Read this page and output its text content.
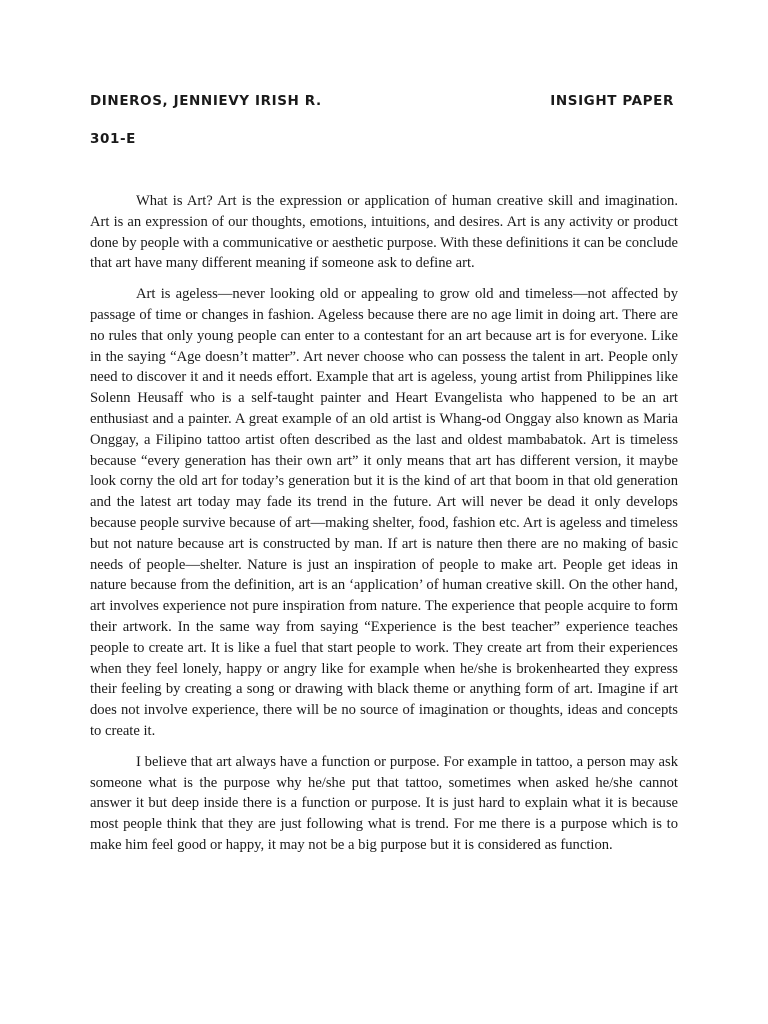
DINEROS, JENNIEVY IRISH R.	INSIGHT PAPER
301-E

What is Art? Art is the expression or application of human creative skill and imagination. Art is an expression of our thoughts, emotions, intuitions, and desires. Art is any activity or product done by people with a communicative or aesthetic purpose. With these definitions it can be conclude that art have many different meaning if someone ask to define art.

Art is ageless—never looking old or appealing to grow old and timeless—not affected by passage of time or changes in fashion. Ageless because there are no age limit in doing art. There are no rules that only young people can enter to a contestant for an art because art is for everyone. Like in the saying “Age doesn’t matter”. Art never choose who can possess the talent in art. People only need to discover it and it needs effort. Example that art is ageless, young artist from Philippines like Solenn Heusaff who is a self-taught painter and Heart Evangelista who happened to be an art enthusiast and a painter. A great example of an old artist is Whang-od Onggay also known as Maria Onggay, a Filipino tattoo artist often described as the last and oldest mambabatok. Art is timeless because “every generation has their own art” it only means that art has different version, it maybe look corny the old art for today’s generation but it is the kind of art that boom in that old generation and the latest art today may fade its trend in the future. Art will never be dead it only develops because people survive because of art—making shelter, food, fashion etc. Art is ageless and timeless but not nature because art is constructed by man. If art is nature then there are no making of basic needs of people—shelter. Nature is just an inspiration of people to make art. People get ideas in nature because from the definition, art is an ‘application’ of human creative skill. On the other hand, art involves experience not pure inspiration from nature. The experience that people acquire to form their artwork. In the same way from saying “Experience is the best teacher” experience teaches people to create art. It is like a fuel that start people to work. They create art from their experiences when they feel lonely, happy or angry like for example when he/she is brokenhearted they express their feeling by creating a song or drawing with black theme or anything form of art. Imagine if art does not involve experience, there will be no source of imagination or thoughts, ideas and concepts to create it.

I believe that art always have a function or purpose. For example in tattoo, a person may ask someone what is the purpose why he/she put that tattoo, sometimes when asked he/she cannot answer it but deep inside there is a function or purpose. It is just hard to explain what it is because most people think that they are just following what is trend. For me there is a purpose which is to make him feel good or happy, it may not be a big purpose but it is considered as function.
